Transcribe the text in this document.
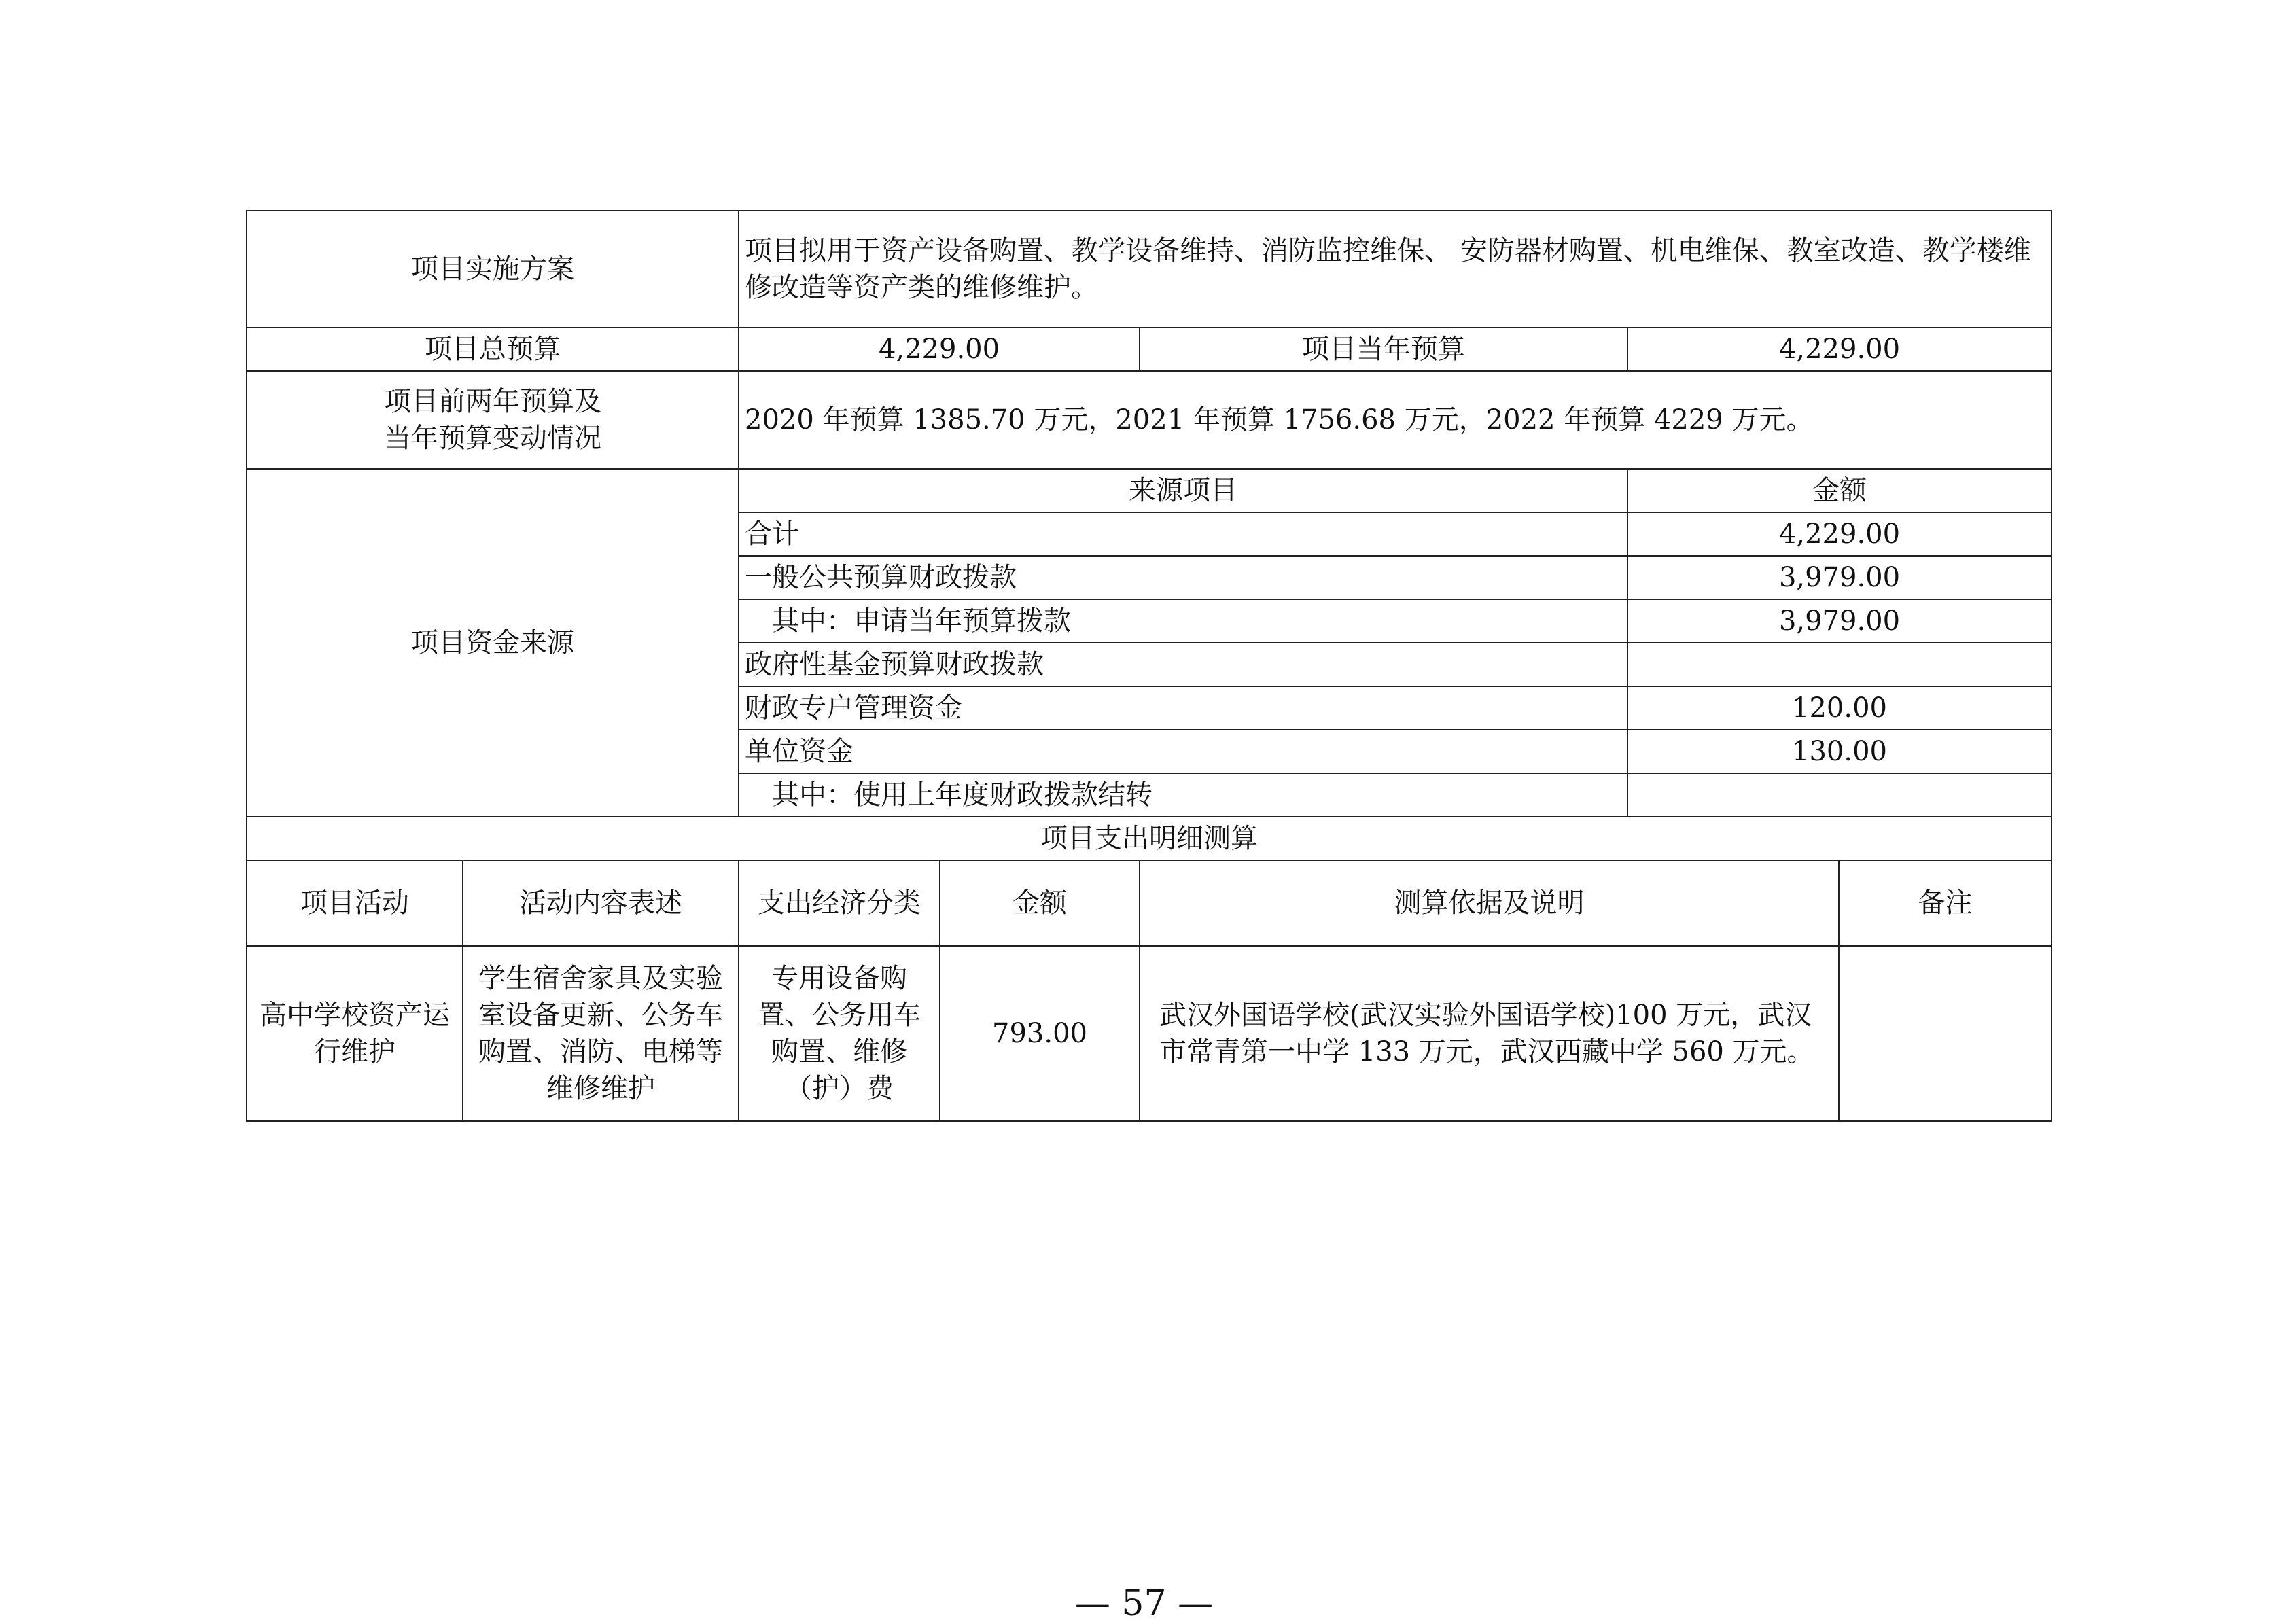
项目实施方案		项目拟用于资产设备购置、教学设备维持、消防监控维保、 安防器材购置、机电维保、教室改造、教学楼维修改造等资产类的维修维护。				
项目总预算		4,229.00		项目当年预算	4,229.00	

项目前两年预算及
当年预算变动情况		2020 年预算 1385.70 万元，2021 年预算 1756.68 万元，2022 年预算 4229 万元。				
项目资金来源		来源项目			金额	
		合计			4,229.00	
		一般公共预算财政拨款			3,979.00	
		其中：申请当年预算拨款			3,979.00	
		政府性基金预算财政拨款				
		财政专户管理资金			120.00	
		单位资金			130.00	
		其中：使用上年度财政拨款结转				
项目支出明细测算						
项目活动	活动内容表述	支出经济分类	金额	测算依据及说明		备注
高中学校资产运行维护	学生宿舍家具及实验室设备更新、公务车购置、消防、电梯等维修维护	专用设备购置、公务用车购置、维修（护）费	793.00	武汉外国语学校(武汉实验外国语学校)100 万元，武汉市常青第一中学 133 万元，武汉西藏中学 560 万元。		
— 57 —
